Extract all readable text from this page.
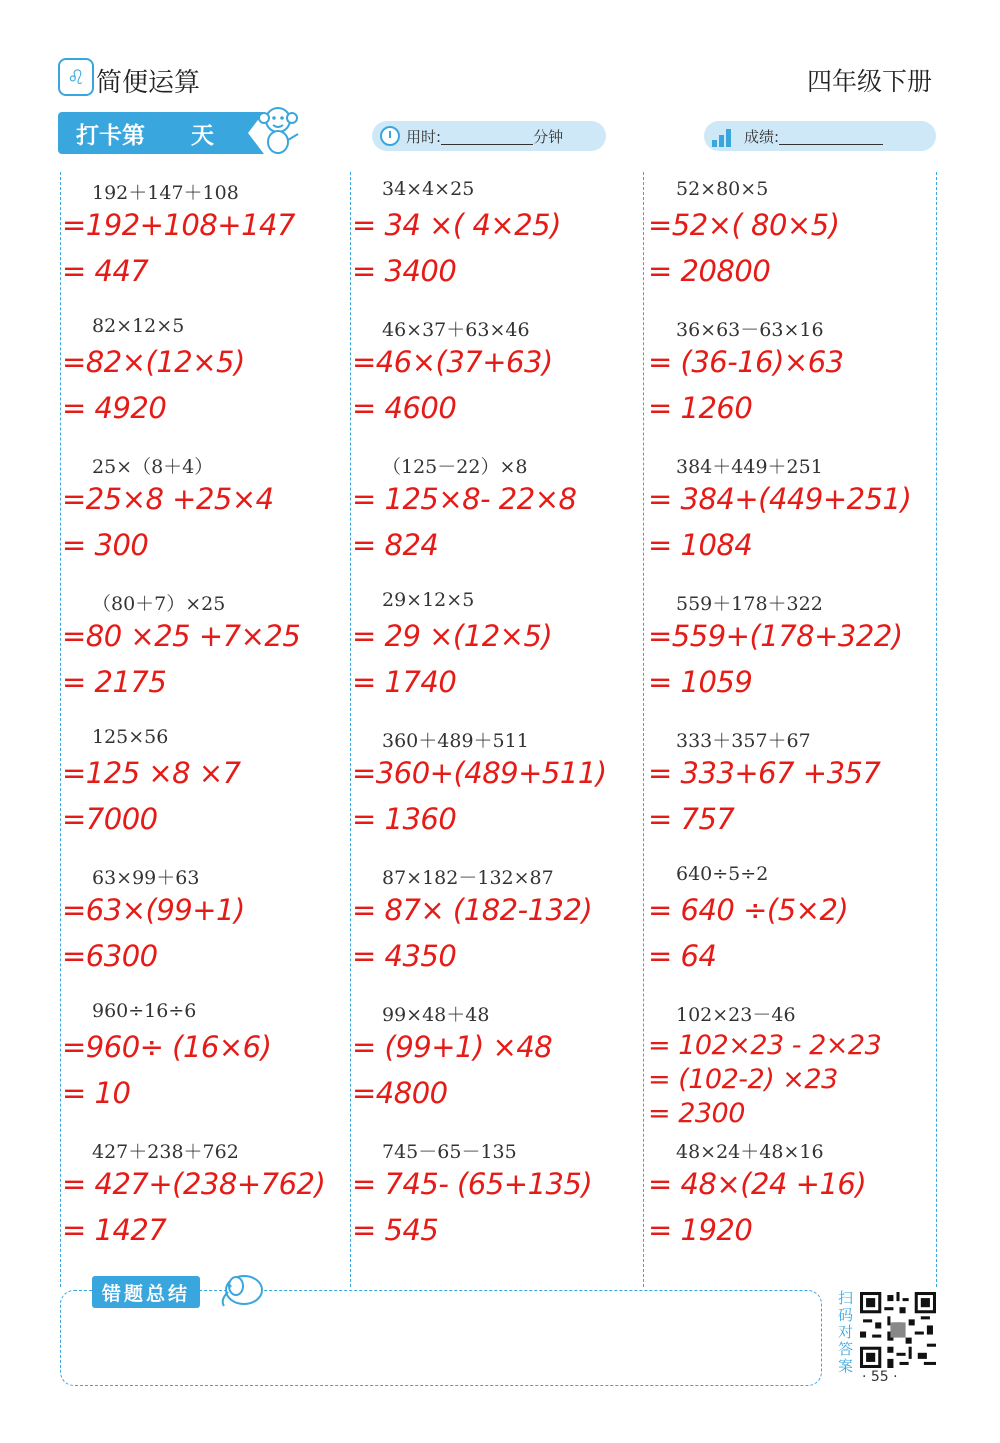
♌ 简便运算	四年级下册
打卡第 天	用时:	分钟	成绩:
192＋147＋108
=192+108+147
= 447
82×12×5
=82×(12×5)
= 4920
25×（8＋4）
=25×8 +25×4
= 300
（80＋7）×25
=80 ×25 +7×25
= 2175
125×56
=125 ×8 ×7
=7000
63×99＋63
=63×(99+1)
=6300
960÷16÷6
=960÷ (16×6)
= 10
427＋238＋762
= 427+(238+762)
= 1427
34×4×25
= 34 ×( 4×25)
= 3400
46×37＋63×46
=46×(37+63)
= 4600
（125－22）×8
= 125×8- 22×8
= 824
29×12×5
= 29 ×(12×5)
= 1740
360＋489＋511
=360+(489+511)
= 1360
87×182－132×87
= 87× (182-132)
= 4350
99×48＋48
= (99+1) ×48
=4800
745－65－135
= 745- (65+135)
= 545
52×80×5
=52×( 80×5)
= 20800
36×63－63×16
= (36-16)×63
= 1260
384＋449＋251
= 384+(449+251)
= 1084
559＋178＋322
=559+(178+322)
= 1059
333＋357＋67
= 333+67 +357
= 757
640÷5÷2
= 640 ÷(5×2)
= 64
102×23－46
= 102×23 - 2×23
= (102-2) ×23
= 2300
48×24＋48×16
= 48×(24 +16)
= 1920
错题总结	扫码对答案
· 55 ·
